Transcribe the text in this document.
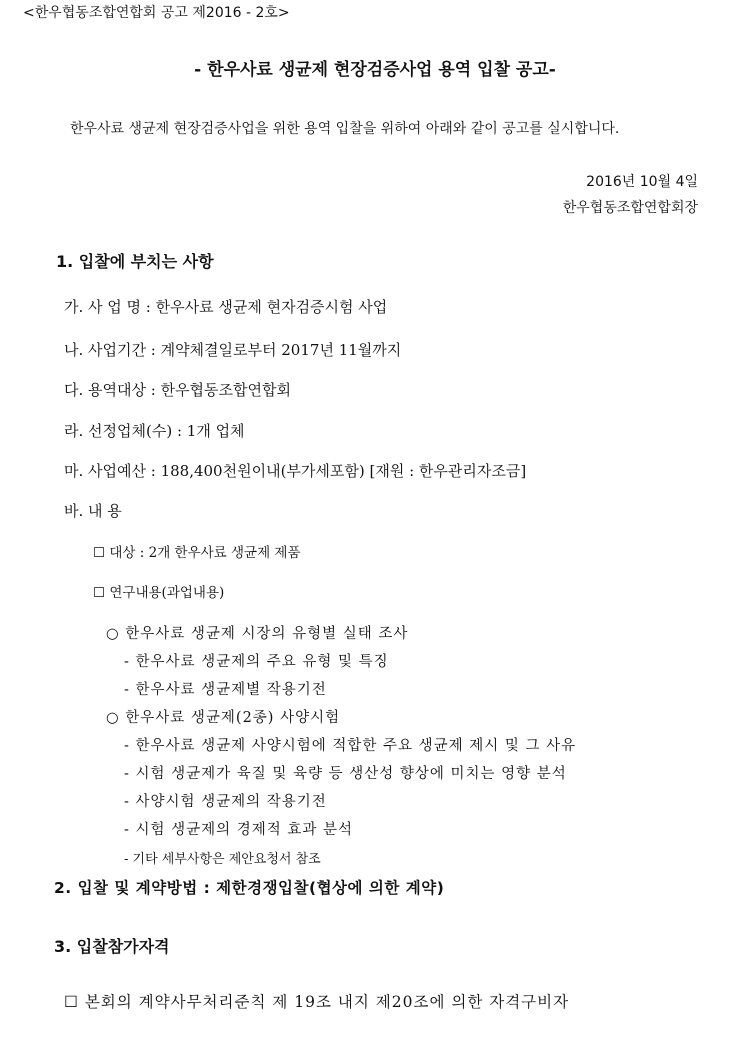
<한우협동조합연합회 공고 제2016 - 2호>
- 한우사료 생균제 현장검증사업 용역 입찰 공고-
한우사료 생균제 현장검증사업을 위한 용역 입찰을 위하여 아래와 같이 공고를 실시합니다.
2016년 10월 4일
한우협동조합연합회장
1. 입찰에 부치는 사항
가. 사 업 명 : 한우사료 생균제 현자검증시험 사업
나. 사업기간 : 계약체결일로부터 2017년 11월까지
다. 용역대상 : 한우협동조합연합회
라. 선정업체(수) : 1개 업체
마. 사업예산 : 188,400천원이내(부가세포함) [재원 : 한우관리자조금]
바. 내 용
☐ 대상 : 2개 한우사료 생균제 제품
☐ 연구내용(과업내용)
○ 한우사료 생균제 시장의 유형별 실태 조사
- 한우사료 생균제의 주요 유형 및 특징
- 한우사료 생균제별 작용기전
○ 한우사료 생균제(2종) 사양시험
- 한우사료 생균제 사양시험에 적합한 주요 생균제 제시 및 그 사유
- 시험 생균제가 육질 및 육량 등 생산성 향상에 미치는 영향 분석
- 사양시험 생균제의 작용기전
- 시험 생균제의 경제적 효과 분석
- 기타 세부사항은 제안요청서 참조
2. 입찰 및 계약방법 : 제한경쟁입찰(협상에 의한 계약)
3. 입찰참가자격
☐ 본회의 계약사무처리준칙 제 19조 내지 제20조에 의한 자격구비자
